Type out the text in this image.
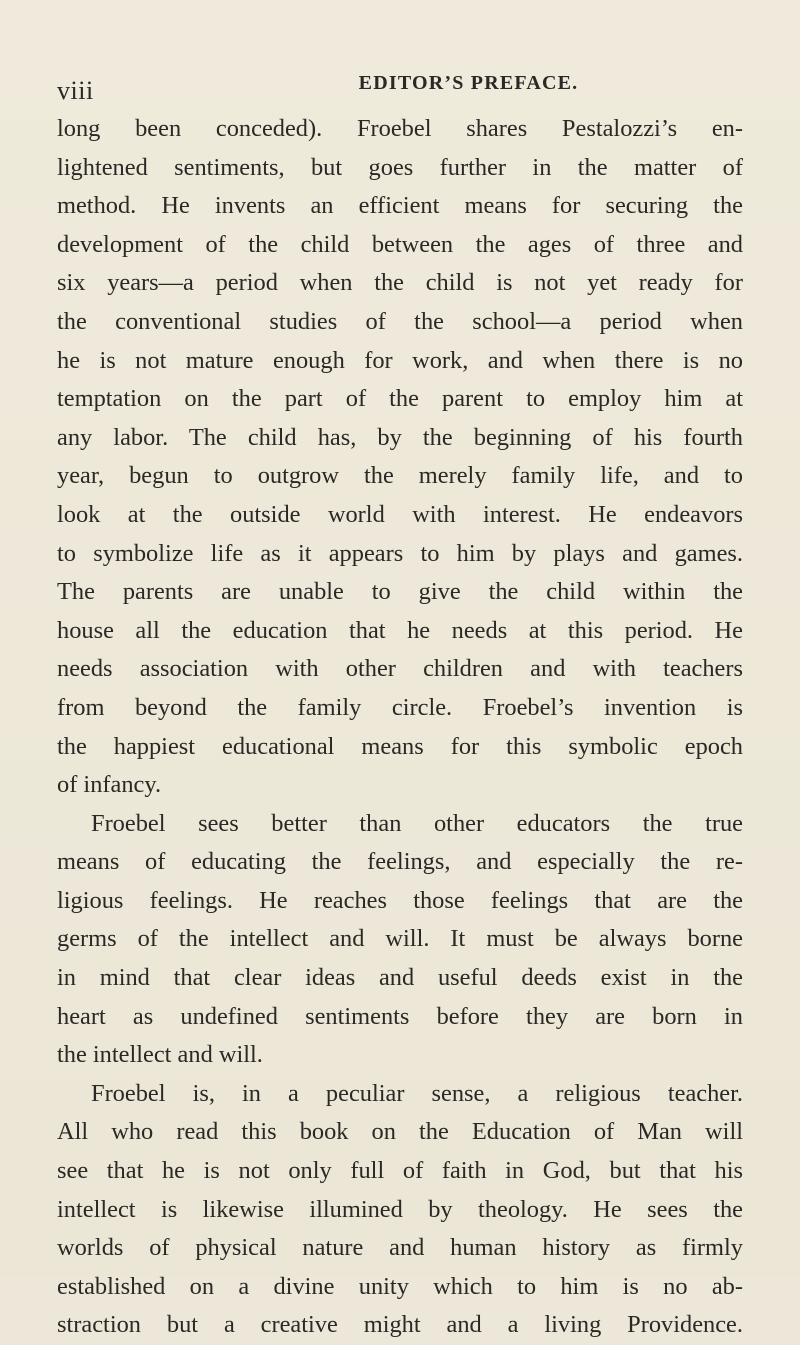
viii	EDITOR’S PREFACE.
long been conceded). Froebel shares Pestalozzi’s en-
lightened sentiments, but goes further in the matter of
method. He invents an efficient means for securing the
development of the child between the ages of three and
six years—a period when the child is not yet ready for
the conventional studies of the school—a period when
he is not mature enough for work, and when there is no
temptation on the part of the parent to employ him at
any labor. The child has, by the beginning of his fourth
year, begun to outgrow the merely family life, and to
look at the outside world with interest. He endeavors
to symbolize life as it appears to him by plays and games.
The parents are unable to give the child within the
house all the education that he needs at this period. He
needs association with other children and with teachers
from beyond the family circle. Froebel’s invention is
the happiest educational means for this symbolic epoch
of infancy.
Froebel sees better than other educators the true
means of educating the feelings, and especially the re-
ligious feelings. He reaches those feelings that are the
germs of the intellect and will. It must be always borne
in mind that clear ideas and useful deeds exist in the
heart as undefined sentiments before they are born in
the intellect and will.
Froebel is, in a peculiar sense, a religious teacher.
All who read this book on the Education of Man will
see that he is not only full of faith in God, but that his
intellect is likewise illumined by theology. He sees the
worlds of physical nature and human history as firmly
established on a divine unity which to him is no ab-
straction but a creative might and a living Providence.
